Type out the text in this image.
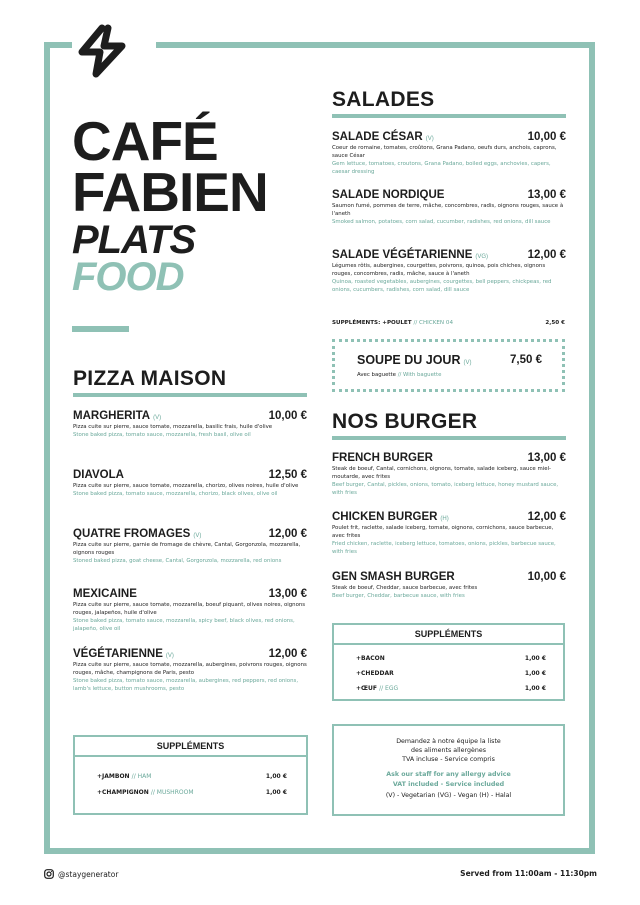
CAFÉ
FABIEN
PLATS
FOOD
PIZZA MAISON
MARGHERITA (V)	10,00 €
Pizza cuite sur pierre, sauce tomate, mozzarella, basilic frais, huile d'olive
Stone baked pizza, tomato sauce, mozzarella, fresh basil, olive oil
DIAVOLA	12,50 €
Pizza cuite sur pierre, sauce tomate, mozzarella, chorizo, olives noires, huile d'olive
Stone baked pizza, tomato sauce, mozzarella, chorizo, black olives, olive oil
QUATRE FROMAGES (V)	12,00 €
Pizza cuite sur pierre, garnie de fromage de chèvre, Cantal, Gorgonzola, mozzarella, oignons rouges
Stoned baked pizza, goat cheese, Cantal, Gorgonzola, mozzarella, red onions
MEXICAINE	13,00 €
Pizza cuite sur pierre, sauce tomate, mozzarella, boeuf piquant, olives noires, oignons rouges, jalapeños, huile d'olive
Stone baked pizza, tomato sauce, mozzarella, spicy beef, black olives, red onions, jalapeño, olive oil
VÉGÉTARIENNE (V)	12,00 €
Pizza cuite sur pierre, sauce tomate, mozzarella, aubergines, poivrons rouges, oignons rouges, mâche, champignons de Paris, pesto
Stone baked pizza, tomato sauce, mozzarella, aubergines, red peppers, red onions, lamb's lettuce, button mushrooms, pesto
SUPPLÉMENTS
+JAMBON // HAM	1,00 €
+CHAMPIGNON // MUSHROOM	1,00 €
SALADES
SALADE CÉSAR (V)	10,00 €
Coeur de romaine, tomates, croûtons, Grana Padano, oeufs durs, anchois, caprons, sauce César
Gem lettuce, tomatoes, croutons, Grana Padano, boiled eggs, anchovies, capers, caesar dressing
SALADE NORDIQUE	13,00 €
Saumon fumé, pommes de terre, mâche, concombres, radis, oignons rouges, sauce à l'aneth
Smoked salmon, potatoes, corn salad, cucumber, radishes, red onions, dill sauce
SALADE VÉGÉTARIENNE (VG)	12,00 €
Légumes rôtis, aubergines, courgettes, poivrons, quinoa, pois chiches, oignons rouges, concombres, radis, mâche, sauce à l'aneth
Quinoa, roasted vegetables, aubergines, courgettes, bell peppers, chickpeas, red onions, cucumbers, radishes, corn salad, dill sauce
SUPPLÉMENTS: +POULET // CHICKEN 04	2,50 €
SOUPE DU JOUR (V)	7,50 €
Avec baguette // With baguette
NOS BURGER
FRENCH BURGER	13,00 €
Steak de boeuf, Cantal, cornichons, oignons, tomate, salade iceberg, sauce miel-moutarde, avec frites
Beef burger, Cantal, pickles, onions, tomato, iceberg lettuce, honey mustard sauce, with fries
CHICKEN BURGER (H)	12,00 €
Poulet frit, raclette, salade iceberg, tomate, oignons, cornichons, sauce barbecue, avec frites
Fried chicken, raclette, iceberg lettuce, tomatoes, onions, pickles, barbecue sauce, with fries
GEN SMASH BURGER	10,00 €
Steak de boeuf, Cheddar, sauce barbecue, avec frites
Beef burger, Cheddar, barbecue sauce, with fries
SUPPLÉMENTS
+BACON	1,00 €
+CHEDDAR	1,00 €
+ŒUF // EGG	1,00 €
Demandez à notre équipe la liste
des aliments allergènes
TVA incluse - Service compris
Ask our staff for any allergy advice
VAT included - Service included
(V) - Vegetarian (VG) - Vegan (H) - Halal
@staygenerator	Served from 11:00am - 11:30pm
